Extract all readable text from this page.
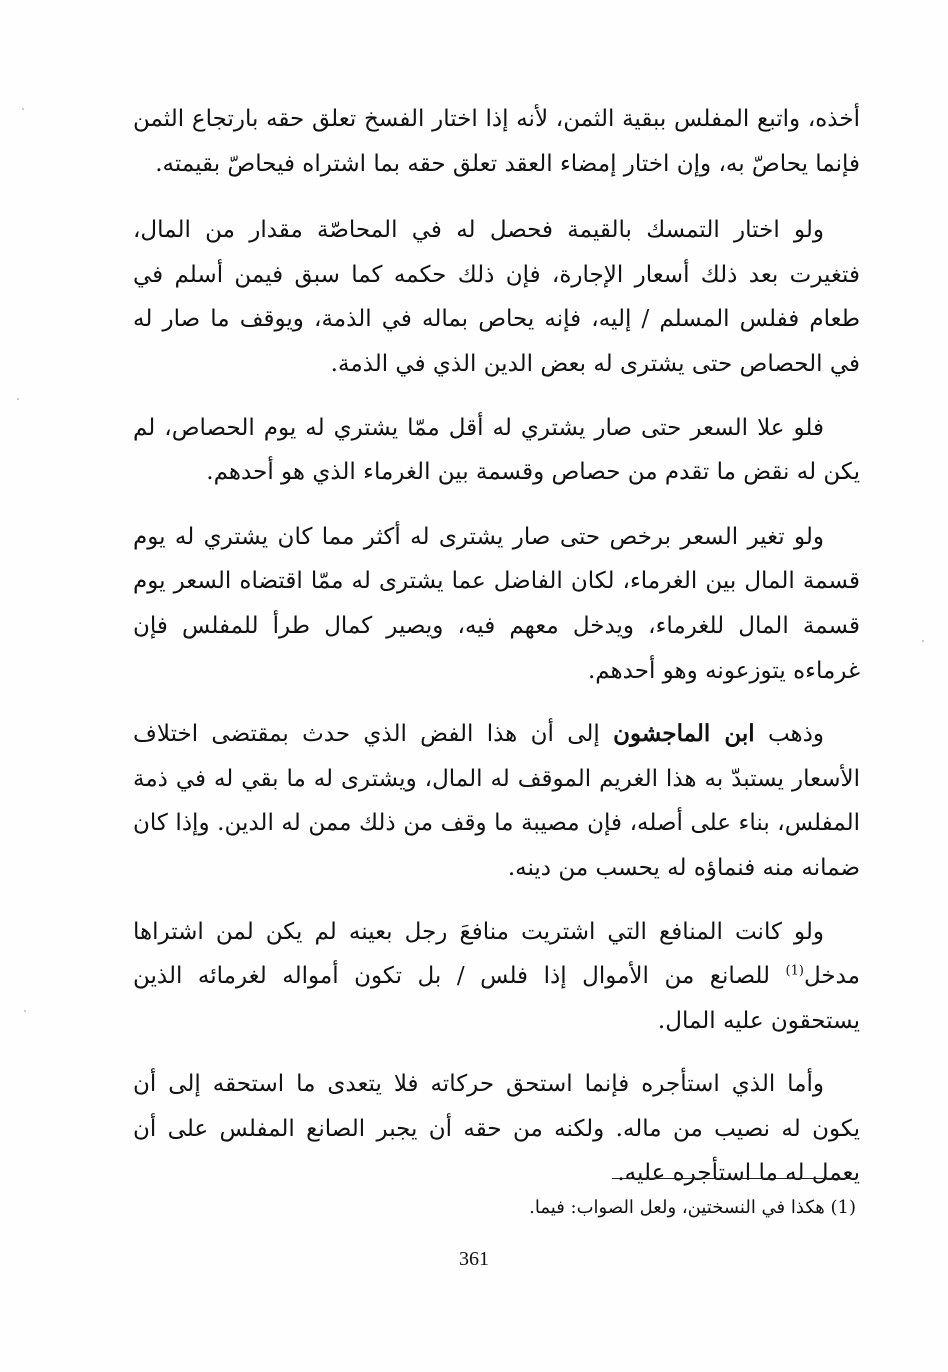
أخذه، واتبع المفلس ببقية الثمن، لأنه إذا اختار الفسخ تعلق حقه بارتجاع الثمن فإنما يحاصّ به، وإن اختار إمضاء العقد تعلق حقه بما اشتراه فيحاصّ بقيمته.

ولو اختار التمسك بالقيمة فحصل له في المحاصّة مقدار من المال، فتغيرت بعد ذلك أسعار الإجارة، فإن ذلك حكمه كما سبق فيمن أسلم في طعام ففلس المسلم / إليه، فإنه يحاص بماله في الذمة، ويوقف ما صار له في الحصاص حتى يشترى له بعض الدين الذي في الذمة.

فلو علا السعر حتى صار يشتري له أقل ممّا يشتري له يوم الحصاص، لم يكن له نقض ما تقدم من حصاص وقسمة بين الغرماء الذي هو أحدهم.

ولو تغير السعر برخص حتى صار يشترى له أكثر مما كان يشتري له يوم قسمة المال بين الغرماء، لكان الفاضل عما يشترى له ممّا اقتضاه السعر يوم قسمة المال للغرماء، ويدخل معهم فيه، ويصير كمال طرأ للمفلس فإن غرماءه يتوزعونه وهو أحدهم.

وذهب ابن الماجشون إلى أن هذا الفض الذي حدث بمقتضى اختلاف الأسعار يستبدّ به هذا الغريم الموقف له المال، ويشترى له ما بقي له في ذمة المفلس، بناء على أصله، فإن مصيبة ما وقف من ذلك ممن له الدين. وإذا كان ضمانه منه فنماؤه له يحسب من دينه.

ولو كانت المنافع التي اشتريت منافعَ رجل بعينه لم يكن لمن اشتراها مدخل$^{(1)}$ للصانع من الأموال إذا فلس / بل تكون أمواله لغرمائه الذين يستحقون عليه المال.

وأما الذي استأجره فإنما استحق حركاته فلا يتعدى ما استحقه إلى أن يكون له نصيب من ماله. ولكنه من حقه أن يجبر الصانع المفلس على أن يعمل له ما استأجره عليه.

(1) هكذا في النسختين، ولعل الصواب: فيما.
361
